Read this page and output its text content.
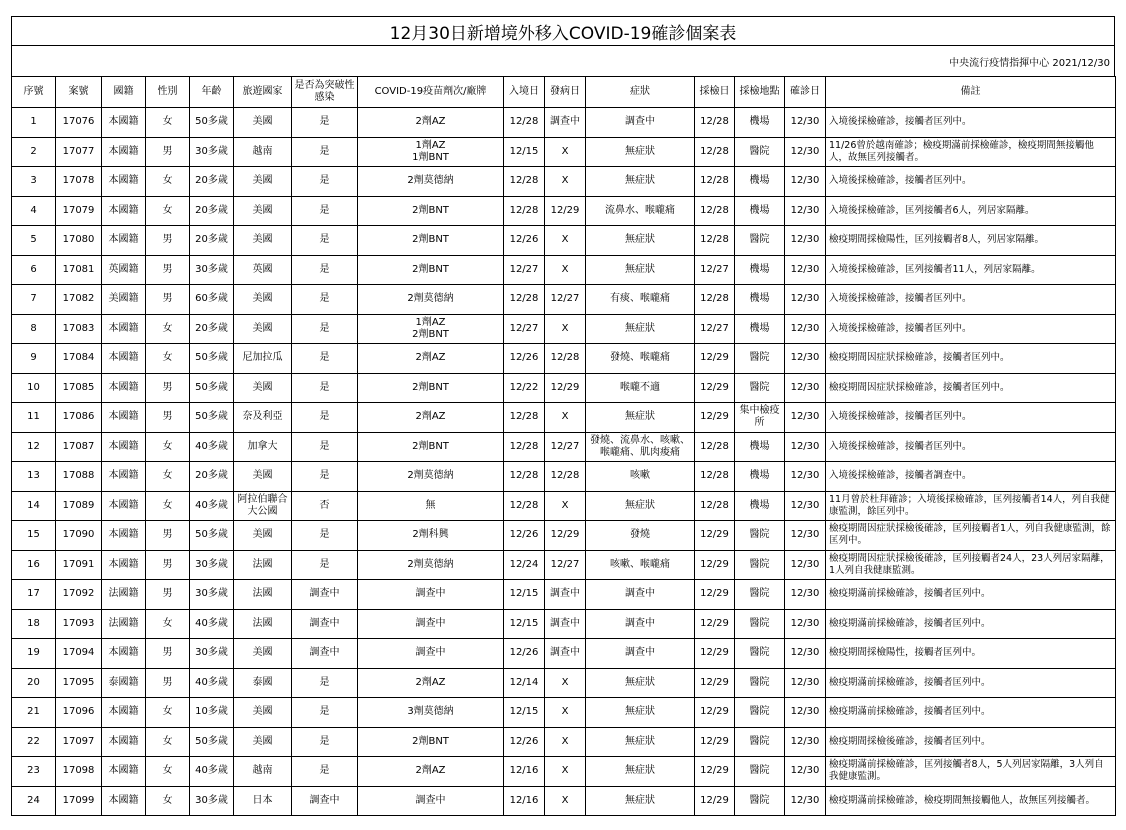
12月30日新增境外移入COVID-19確診個案表
中央流行疫情指揮中心 2021/12/30
序號	案號	國籍	性別	年齡	旅遊國家	是否為突破性感染	COVID-19疫苗劑次/廠牌	入境日	發病日	症狀	採檢日	採檢地點	確診日	備註
1	17076	本國籍	女	50多歲	美國	是	2劑AZ	12/28	調查中	調查中	12/28	機場	12/30	入境後採檢確診，接觸者匡列中。
2	17077	本國籍	男	30多歲	越南	是	1劑AZ
1劑BNT	12/15	X	無症狀	12/28	醫院	12/30	11/26曾於越南確診；檢疫期滿前採檢確診，檢疫期間無接觸他人，故無匡列接觸者。
3	17078	本國籍	女	20多歲	美國	是	2劑莫德納	12/28	X	無症狀	12/28	機場	12/30	入境後採檢確診，接觸者匡列中。
4	17079	本國籍	女	20多歲	美國	是	2劑BNT	12/28	12/29	流鼻水、喉嚨痛	12/28	機場	12/30	入境後採檢確診，匡列接觸者6人，列居家隔離。
5	17080	本國籍	男	20多歲	美國	是	2劑BNT	12/26	X	無症狀	12/28	醫院	12/30	檢疫期間採檢陽性，匡列接觸者8人，列居家隔離。
6	17081	英國籍	男	30多歲	英國	是	2劑BNT	12/27	X	無症狀	12/27	機場	12/30	入境後採檢確診，匡列接觸者11人，列居家隔離。
7	17082	美國籍	男	60多歲	美國	是	2劑莫德納	12/28	12/27	有痰、喉嚨痛	12/28	機場	12/30	入境後採檢確診，接觸者匡列中。
8	17083	本國籍	女	20多歲	美國	是	1劑AZ
2劑BNT	12/27	X	無症狀	12/27	機場	12/30	入境後採檢確診，接觸者匡列中。
9	17084	本國籍	女	50多歲	尼加拉瓜	是	2劑AZ	12/26	12/28	發燒、喉嚨痛	12/29	醫院	12/30	檢疫期間因症狀採檢確診，接觸者匡列中。
10	17085	本國籍	男	50多歲	美國	是	2劑BNT	12/22	12/29	喉嚨不適	12/29	醫院	12/30	檢疫期間因症狀採檢確診，接觸者匡列中。
11	17086	本國籍	男	50多歲	奈及利亞	是	2劑AZ	12/28	X	無症狀	12/29	集中檢疫所	12/30	入境後採檢確診，接觸者匡列中。
12	17087	本國籍	女	40多歲	加拿大	是	2劑BNT	12/28	12/27	發燒、流鼻水、咳嗽、喉嚨痛、肌肉痠痛	12/28	機場	12/30	入境後採檢確診，接觸者匡列中。
13	17088	本國籍	女	20多歲	美國	是	2劑莫德納	12/28	12/28	咳嗽	12/28	機場	12/30	入境後採檢確診，接觸者調查中。
14	17089	本國籍	女	40多歲	阿拉伯聯合大公國	否	無	12/28	X	無症狀	12/28	機場	12/30	11月曾於杜拜確診；入境後採檢確診，匡列接觸者14人，列自我健康監測，餘匡列中。
15	17090	本國籍	男	50多歲	美國	是	2劑科興	12/26	12/29	發燒	12/29	醫院	12/30	檢疫期間因症狀採檢後確診，匡列接觸者1人，列自我健康監測，餘匡列中。
16	17091	本國籍	男	30多歲	法國	是	2劑莫德納	12/24	12/27	咳嗽、喉嚨痛	12/29	醫院	12/30	檢疫期間因症狀採檢後確診，匡列接觸者24人，23人列居家隔離，1人列自我健康監測。
17	17092	法國籍	男	30多歲	法國	調查中	調查中	12/15	調查中	調查中	12/29	醫院	12/30	檢疫期滿前採檢確診，接觸者匡列中。
18	17093	法國籍	女	40多歲	法國	調查中	調查中	12/15	調查中	調查中	12/29	醫院	12/30	檢疫期滿前採檢確診，接觸者匡列中。
19	17094	本國籍	男	30多歲	美國	調查中	調查中	12/26	調查中	調查中	12/29	醫院	12/30	檢疫期間採檢陽性，接觸者匡列中。
20	17095	泰國籍	男	40多歲	泰國	是	2劑AZ	12/14	X	無症狀	12/29	醫院	12/30	檢疫期滿前採檢確診，接觸者匡列中。
21	17096	本國籍	女	10多歲	美國	是	3劑莫德納	12/15	X	無症狀	12/29	醫院	12/30	檢疫期滿前採檢確診，接觸者匡列中。
22	17097	本國籍	女	50多歲	美國	是	2劑BNT	12/26	X	無症狀	12/29	醫院	12/30	檢疫期間採檢後確診，接觸者匡列中。
23	17098	本國籍	女	40多歲	越南	是	2劑AZ	12/16	X	無症狀	12/29	醫院	12/30	檢疫期滿前採檢確診，匡列接觸者8人，5人列居家隔離，3人列自我健康監測。
24	17099	本國籍	女	30多歲	日本	調查中	調查中	12/16	X	無症狀	12/29	醫院	12/30	檢疫期滿前採檢確診，檢疫期間無接觸他人，故無匡列接觸者。
